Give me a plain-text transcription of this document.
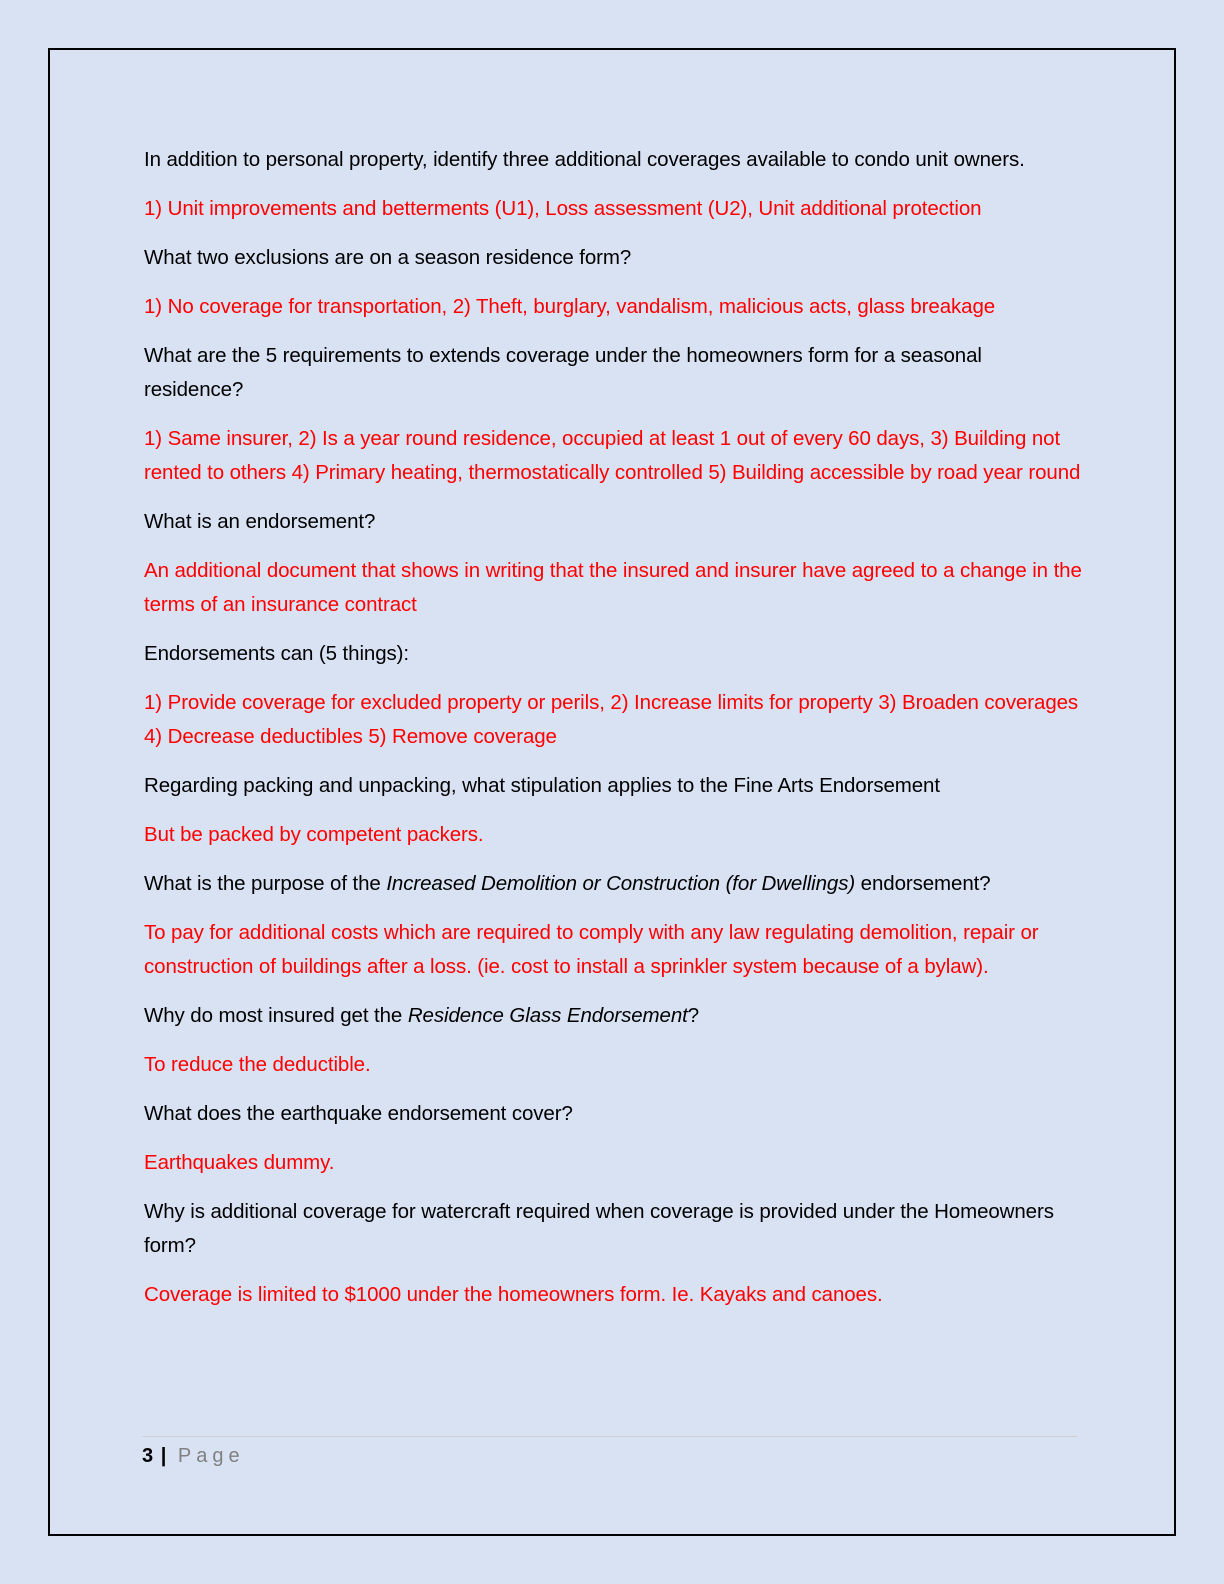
In addition to personal property, identify three additional coverages available to condo unit owners.

1) Unit improvements and betterments (U1), Loss assessment (U2), Unit additional protection

What two exclusions are on a season residence form?

1) No coverage for transportation, 2) Theft, burglary, vandalism, malicious acts, glass breakage

What are the 5 requirements to extends coverage under the homeowners form for a seasonal residence?

1) Same insurer, 2) Is a year round residence, occupied at least 1 out of every 60 days, 3) Building not rented to others 4) Primary heating, thermostatically controlled 5) Building accessible by road year round

What is an endorsement?

An additional document that shows in writing that the insured and insurer have agreed to a change in the terms of an insurance contract

Endorsements can (5 things):

1) Provide coverage for excluded property or perils, 2) Increase limits for property 3) Broaden coverages 4) Decrease deductibles 5) Remove coverage

Regarding packing and unpacking, what stipulation applies to the Fine Arts Endorsement

But be packed by competent packers.

What is the purpose of the Increased Demolition or Construction (for Dwellings) endorsement?

To pay for additional costs which are required to comply with any law regulating demolition, repair or construction of buildings after a loss. (ie. cost to install a sprinkler system because of a bylaw).

Why do most insured get the Residence Glass Endorsement?

To reduce the deductible.

What does the earthquake endorsement cover?

Earthquakes dummy.

Why is additional coverage for watercraft required when coverage is provided under the Homeowners form?

Coverage is limited to $1000 under the homeowners form. Ie. Kayaks and canoes.

3 | Page
